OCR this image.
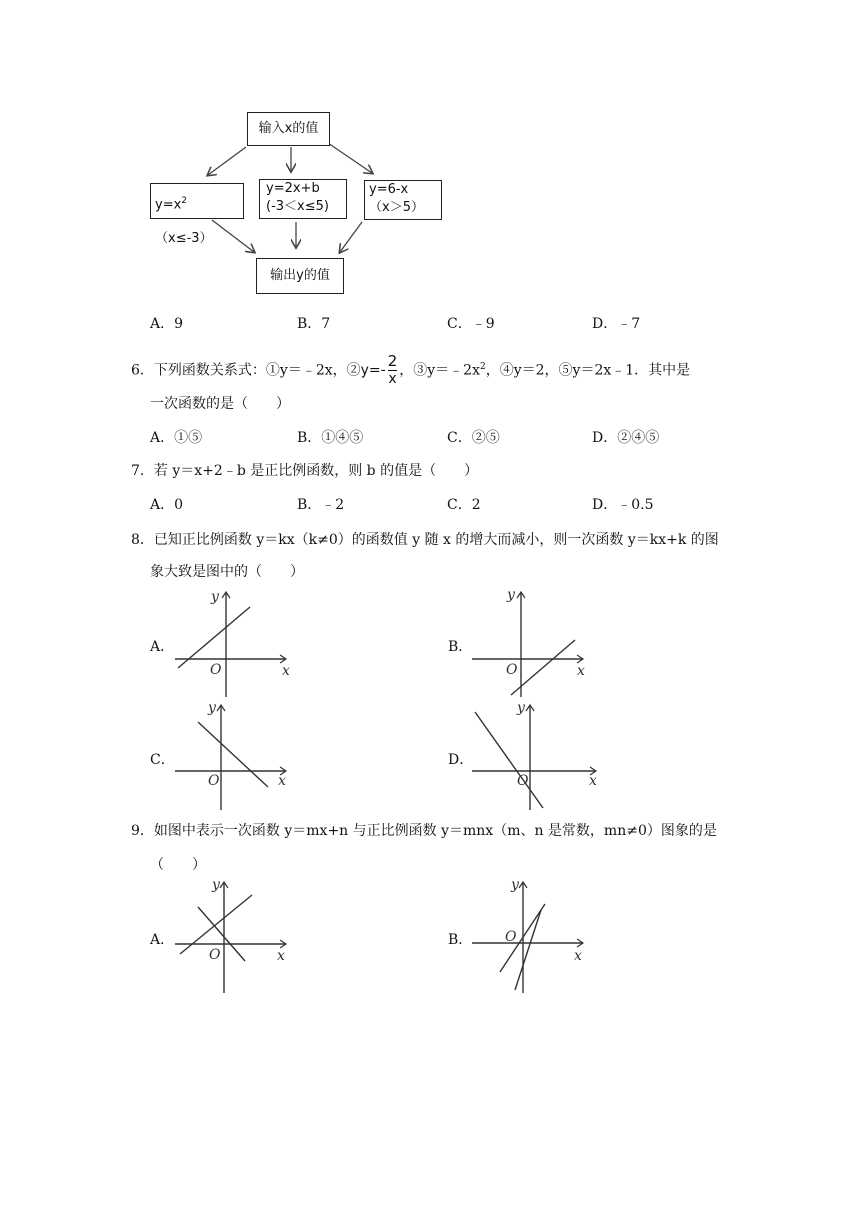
输入x的值
$y=x^2(x\le-3)$
y=2x+b
(-3＜x≤5)
y=6-x
（x＞5）
输出y的值
A．9	B．7	C．﹣9	D．﹣7
6．下列函数关系式：①y＝﹣2x，②y=- $\frac{2}{x}$ ，$③y=﹣2x^2$，④y＝2，⑤y＝2x﹣1．其中是
一次函数的是（　　）
A．①⑤	B．①④⑤	C．②⑤	D．②④⑤
7．若 y＝x+2﹣b 是正比例函数，则 b 的值是（　　）
A．0	B．﹣2	C．2	D．﹣0.5
8．已知正比例函数 y＝kx（k≠0）的函数值 y 随 x 的增大而减小，则一次函数 y＝kx+k 的图
象大致是图中的（　　）
A．
O	x
y
B．
O	x
y
C．
O	x
y
D．
O	x
y
9．如图中表示一次函数 y＝mx+n 与正比例函数 y＝mnx（m、n 是常数，mn≠0）图象的是
（　　）
A．
O	x
y
B． O
x
y
